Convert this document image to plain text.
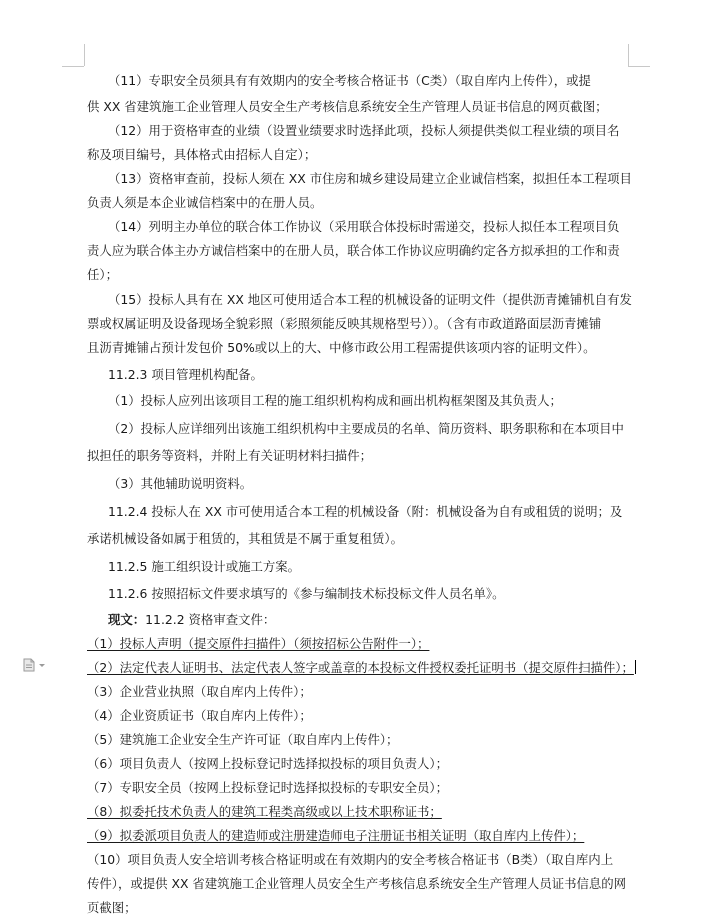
（11）专职安全员须具有有效期内的安全考核合格证书（C类）（取自库内上传件），或提
供 XX 省建筑施工企业管理人员安全生产考核信息系统安全生产管理人员证书信息的网页截图；
（12）用于资格审查的业绩（设置业绩要求时选择此项，投标人须提供类似工程业绩的项目名
称及项目编号，具体格式由招标人自定）；
（13）资格审查前，投标人须在 XX 市住房和城乡建设局建立企业诚信档案，拟担任本工程项目
负责人须是本企业诚信档案中的在册人员。
（14）列明主办单位的联合体工作协议（采用联合体投标时需递交，投标人拟任本工程项目负
责人应为联合体主办方诚信档案中的在册人员，联合体工作协议应明确约定各方拟承担的工作和责
任）；
（15）投标人具有在 XX 地区可使用适合本工程的机械设备的证明文件（提供沥青摊铺机自有发
票或权属证明及设备现场全貌彩照（彩照须能反映其规格型号））。（含有市政道路面层沥青摊铺
且沥青摊铺占预计发包价 50%或以上的大、中修市政公用工程需提供该项内容的证明文件）。
11.2.3 项目管理机构配备。
（1）投标人应列出该项目工程的施工组织机构构成和画出机构框架图及其负责人；
（2）投标人应详细列出该施工组织机构中主要成员的名单、简历资料、职务职称和在本项目中
拟担任的职务等资料，并附上有关证明材料扫描件；
（3）其他辅助说明资料。
11.2.4 投标人在 XX 市可使用适合本工程的机械设备（附：机械设备为自有或租赁的说明；及
承诺机械设备如属于租赁的，其租赁是不属于重复租赁）。
11.2.5 施工组织设计或施工方案。
11.2.6 按照招标文件要求填写的《参与编制技术标投标文件人员名单》。
现文：11.2.2 资格审查文件：
（1）投标人声明（提交原件扫描件）（须按招标公告附件一）；
（2）法定代表人证明书、法定代表人签字或盖章的本投标文件授权委托证明书（提交原件扫描件）；
（3）企业营业执照（取自库内上传件）；
（4）企业资质证书（取自库内上传件）；
（5）建筑施工企业安全生产许可证（取自库内上传件）；
（6）项目负责人（按网上投标登记时选择拟投标的项目负责人）；
（7）专职安全员（按网上投标登记时选择拟投标的专职安全员）；
（8）拟委托技术负责人的建筑工程类高级或以上技术职称证书；
（9）拟委派项目负责人的建造师或注册建造师电子注册证书相关证明（取自库内上传件）；
（10）项目负责人安全培训考核合格证明或在有效期内的安全考核合格证书（B类）（取自库内上
传件），或提供 XX 省建筑施工企业管理人员安全生产考核信息系统安全生产管理人员证书信息的网
页截图；
